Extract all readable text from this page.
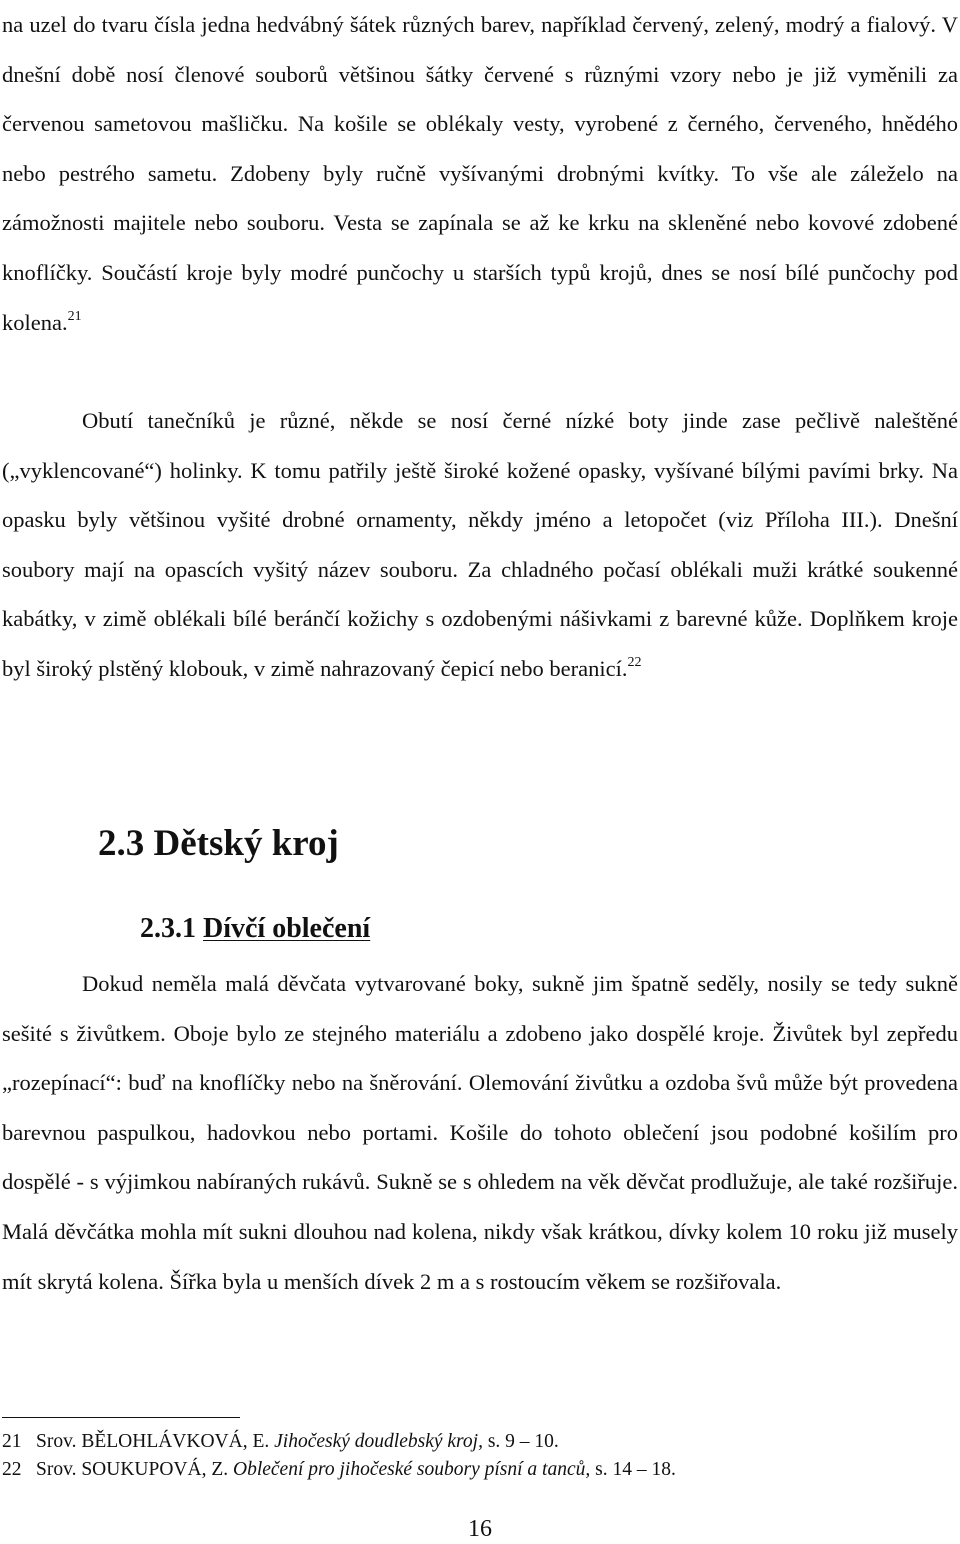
na uzel do tvaru čísla jedna hedvábný šátek různých barev, například červený, zelený, modrý a fialový. V dnešní době nosí členové souborů většinou šátky červené s různými vzory nebo je již vyměnili za červenou sametovou mašličku. Na košile se oblékaly vesty, vyrobené z černého, červeného, hnědého nebo pestrého sametu. Zdobeny byly ručně vyšívanými drobnými kvítky. To vše ale záleželo na zámožnosti majitele nebo souboru. Vesta se zapínala se až ke krku na skleněné nebo kovové zdobené knoflíčky. Součástí kroje byly modré punčochy u starších typů krojů, dnes se nosí bílé punčochy pod kolena.$^{21}$

Obutí tanečníků je různé, někde se nosí černé nízké boty jinde zase pečlivě naleštěné („vyklencované“) holinky. K tomu patřily ještě široké kožené opasky, vyšívané bílými pavími brky. Na opasku byly většinou vyšité drobné ornamenty, někdy jméno a letopočet (viz Příloha III.). Dnešní soubory mají na opascích vyšitý název souboru. Za chladného počasí oblékali muži krátké soukenné kabátky, v zimě oblékali bílé beránčí kožichy s ozdobenými nášivkami z barevné kůže. Doplňkem kroje byl široký plstěný klobouk, v zimě nahrazovaný čepicí nebo beranicí.$^{22}$

2.3 Dětský kroj
2.3.1 Dívčí oblečení

Dokud neměla malá děvčata vytvarované boky, sukně jim špatně seděly, nosily se tedy sukně sešité s živůtkem. Oboje bylo ze stejného materiálu a zdobeno jako dospělé kroje. Živůtek byl zepředu „rozepínací“: buď na knoflíčky nebo na šněrování. Olemování živůtku a ozdoba švů může být provedena barevnou paspulkou, hadovkou nebo portami. Košile do tohoto oblečení jsou podobné košilím pro dospělé - s výjimkou nabíraných rukávů. Sukně se s ohledem na věk děvčat prodlužuje, ale také rozšiřuje. Malá děvčátka mohla mít sukni dlouhou nad kolena, nikdy však krátkou, dívky kolem 10 roku již musely mít skrytá kolena. Šířka byla u menších dívek 2 m a s rostoucím věkem se rozšiřovala.

21 Srov. BĚLOHLÁVKOVÁ, E. Jihočeský doudlebský kroj, s. 9 – 10.

22 Srov. SOUKUPOVÁ, Z. Oblečení pro jihočeské soubory písní a tanců, s. 14 – 18.

16
